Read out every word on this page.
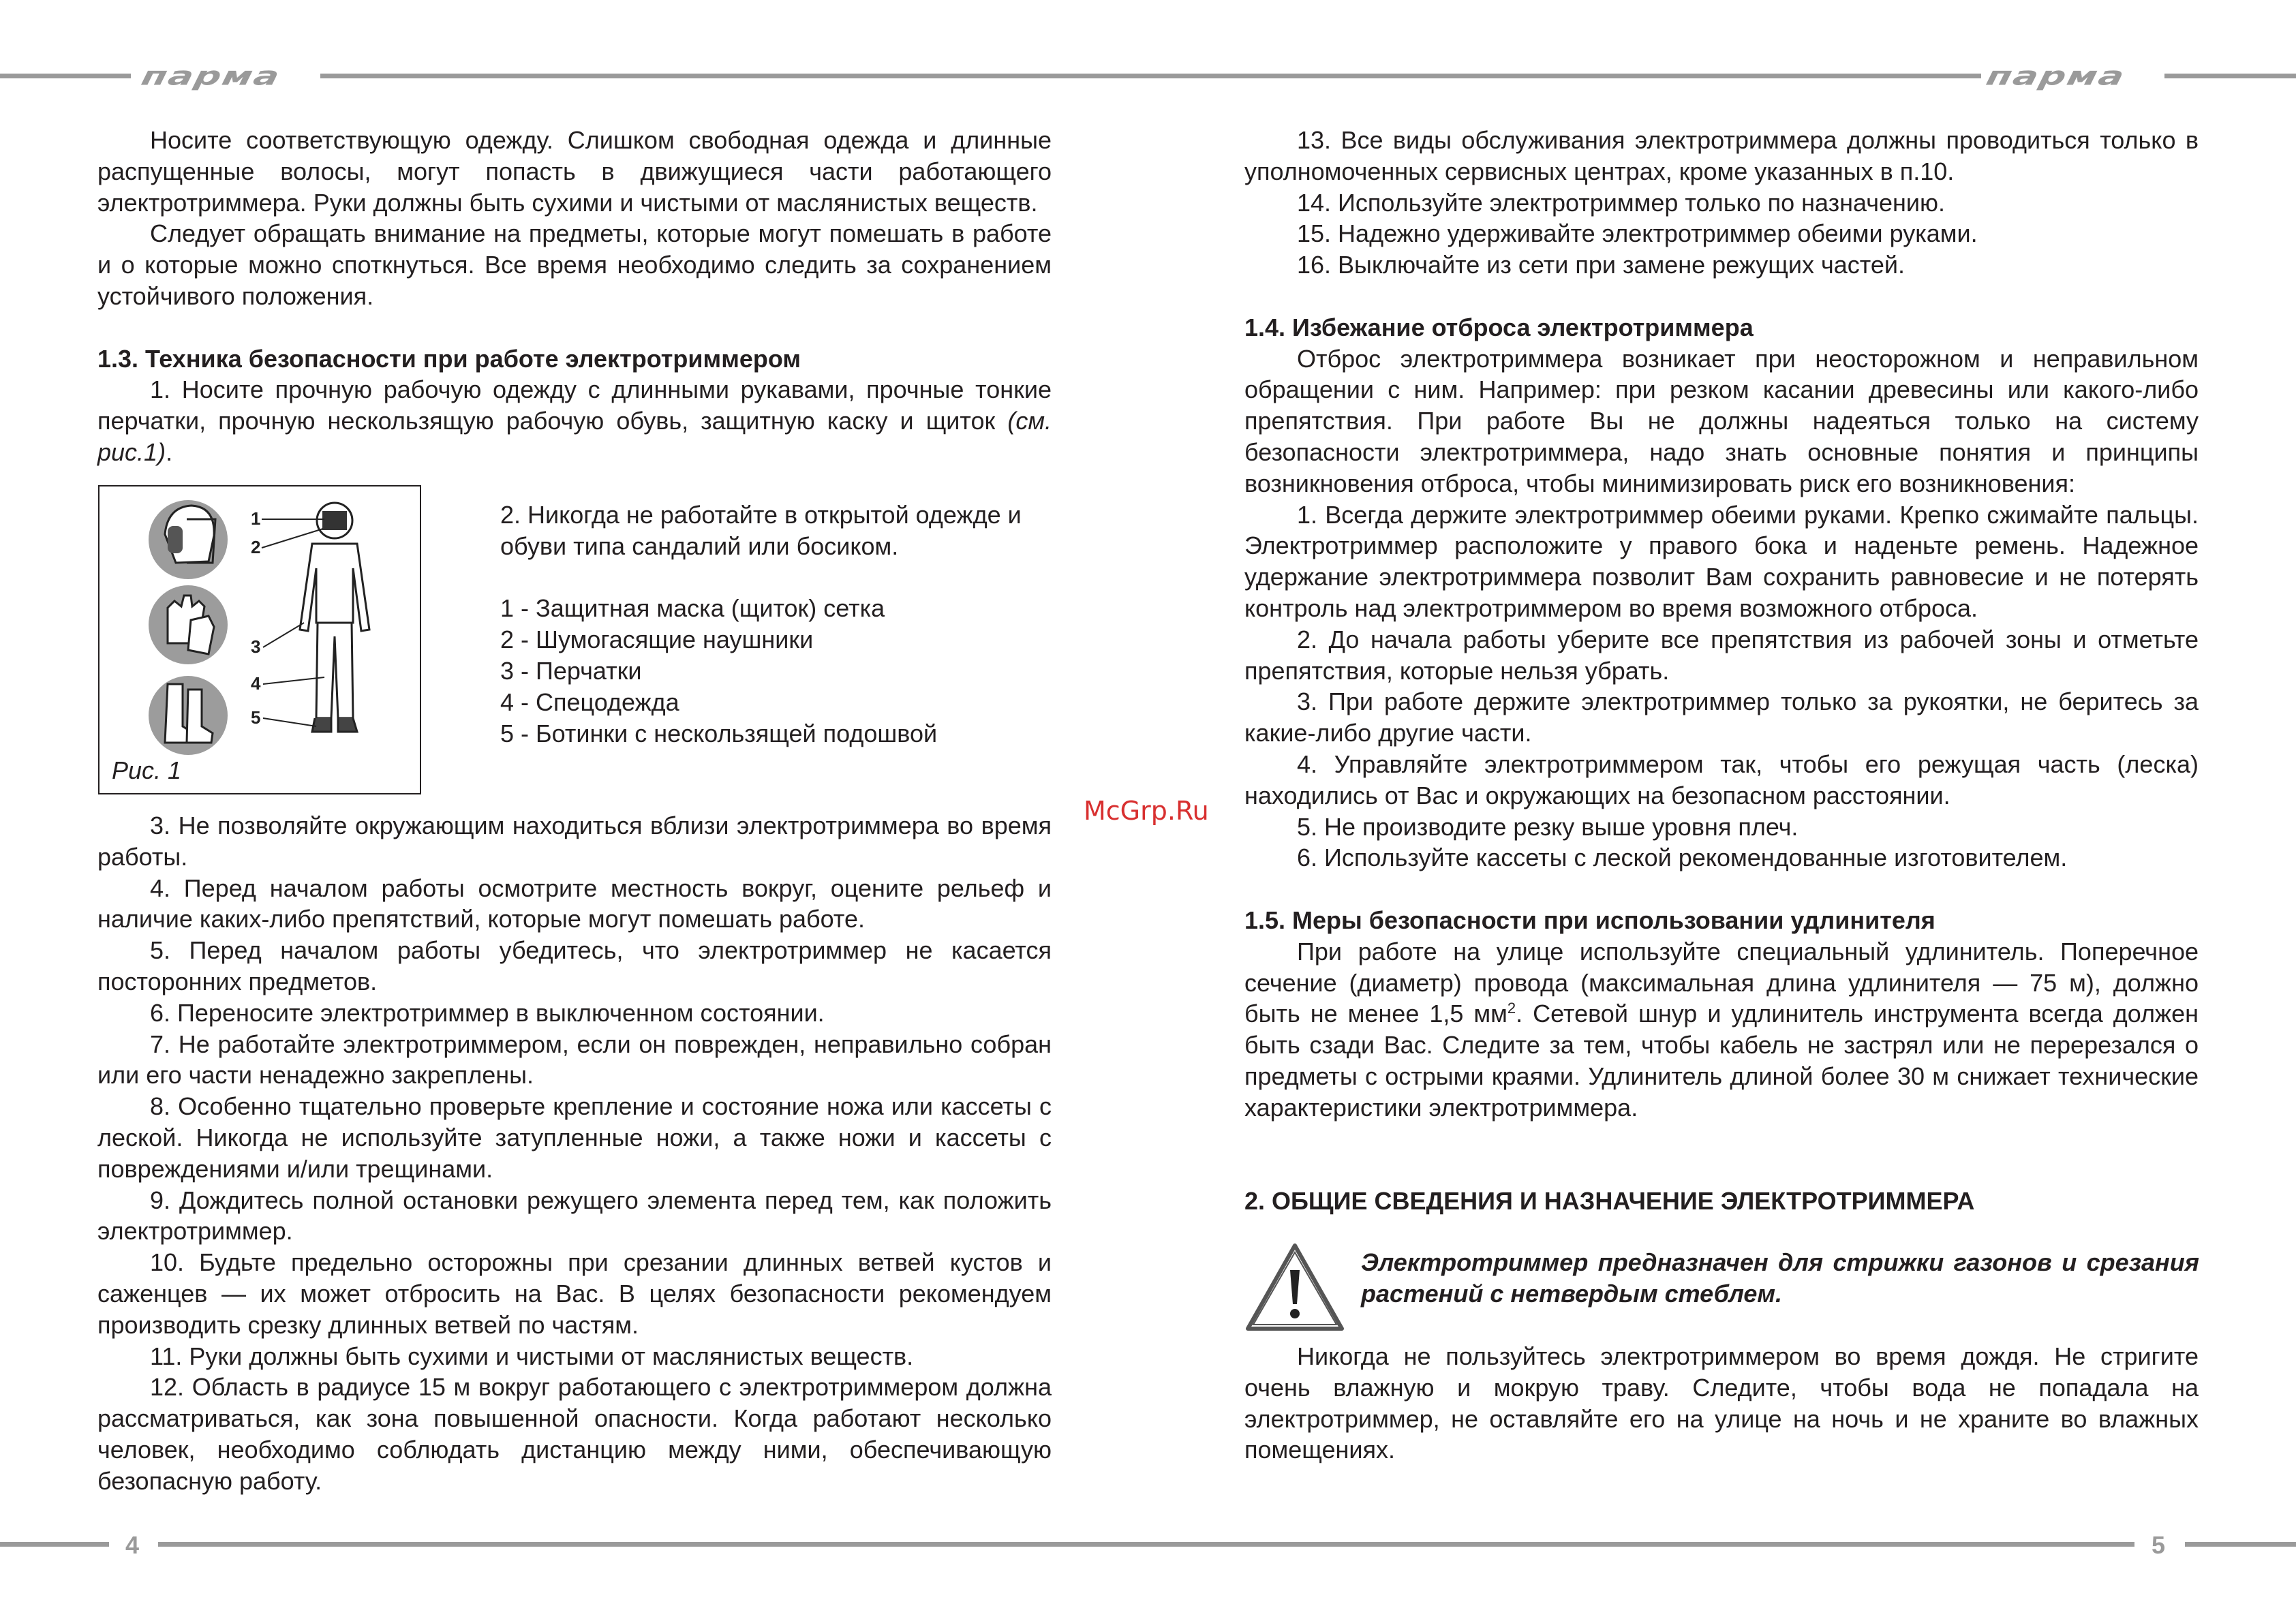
парма	парма
4	5

Носите соответствующую одежду. Слишком свободная одежда и длинные распущенные волосы, могут попасть в движущиеся части работающего электротриммера. Руки должны быть сухими и чистыми от маслянистых веществ.

Следует обращать внимание на предметы, которые могут помешать в работе и о которые можно споткнуться. Все время необходимо следить за сохранением устойчивого положения.

1.3. Техника безопасности при работе электротриммером

1. Носите прочную рабочую одежду с длинными рукавами, прочные тонкие перчатки, прочную нескользящую рабочую обувь, защитную каску и щиток (см. рис.1).

1
2
3
4
5
Рис. 1

2. Никогда не работайте в открытой одежде и обуви типа сандалий или босиком.

1 - Защитная маска (щиток) сетка

2 - Шумогасящие наушники

3 - Перчатки

4 - Спецодежда

5 - Ботинки с нескользящей подошвой

3. Не позволяйте окружающим находиться вблизи электротриммера во время работы.

4. Перед началом работы осмотрите местность вокруг, оцените рельеф и наличие каких-либо препятствий, которые могут помешать работе.

5. Перед началом работы убедитесь, что электротриммер не касается посторонних предметов.

6. Переносите электротриммер в выключенном состоянии.

7. Не работайте электротриммером, если он поврежден, неправильно собран или его части ненадежно закреплены.

8. Особенно тщательно проверьте крепление и состояние ножа или кассеты с леской. Никогда не используйте затупленные ножи, а также ножи и кассеты с повреждениями и/или трещинами.

9. Дождитесь полной остановки режущего элемента перед тем, как положить электротриммер.

10. Будьте предельно осторожны при срезании длинных ветвей кустов и саженцев — их может отбросить на Вас. В целях безопасности рекомендуем производить срезку длинных ветвей по частям.

11. Руки должны быть сухими и чистыми от маслянистых веществ.

12. Область в радиусе 15 м вокруг работающего с электротриммером должна рассматриваться, как зона повышенной опасности. Когда работают несколько человек, необходимо соблюдать дистанцию между ними, обеспечивающую безопасную работу.

McGrp.Ru

13. Все виды обслуживания электротриммера должны проводиться только в уполномоченных сервисных центрах, кроме указанных в п.10.

14. Используйте электротриммер только по назначению.

15. Надежно удерживайте электротриммер обеими руками.

16. Выключайте из сети при замене режущих частей.

1.4. Избежание отброса электротриммера

Отброс электротриммера возникает при неосторожном и неправильном обращении с ним. Например: при резком касании древесины или какого-либо препятствия. При работе Вы не должны надеяться только на систему безопасности электротриммера, надо знать основные понятия и принципы возникновения отброса, чтобы минимизировать риск его возникновения:

1. Всегда держите электротриммер обеими руками. Крепко сжимайте пальцы. Электротриммер расположите у правого бока и наденьте ремень. Надежное удержание электротриммера позволит Вам сохранить равновесие и не потерять контроль над электротриммером во время возможного отброса.

2. До начала работы уберите все препятствия из рабочей зоны и отметьте препятствия, которые нельзя убрать.

3. При работе держите электротриммер только за рукоятки, не беритесь за какие-либо другие части.

4. Управляйте электротриммером так, чтобы его режущая часть (леска) находились от Вас и окружающих на безопасном расстоянии.

5. Не производите резку выше уровня плеч.

6. Используйте кассеты с леской рекомендованные изготовителем.

1.5. Меры безопасности при использовании удлинителя

При работе на улице используйте специальный удлинитель. Поперечное сечение (диаметр) провода (максимальная длина удлинителя — 75 м), должно быть не менее 1,5 $мм^2$. Сетевой шнур и удлинитель инструмента всегда должен быть сзади Вас. Следите за тем, чтобы кабель не застрял или не перерезался о предметы с острыми краями. Удлинитель длиной более 30 м снижает технические характеристики электротриммера.

2. ОБЩИЕ СВЕДЕНИЯ И НАЗНАЧЕНИЕ ЭЛЕКТРОТРИММЕРА

Электротриммер предназначен для стрижки газонов и срезания растений с нетвердым стеблем.

Никогда не пользуйтесь электротриммером во время дождя. Не стригите очень влажную и мокрую траву. Следите, чтобы вода не попадала на электротриммер, не оставляйте его на улице на ночь и не храните во влажных помещениях.
